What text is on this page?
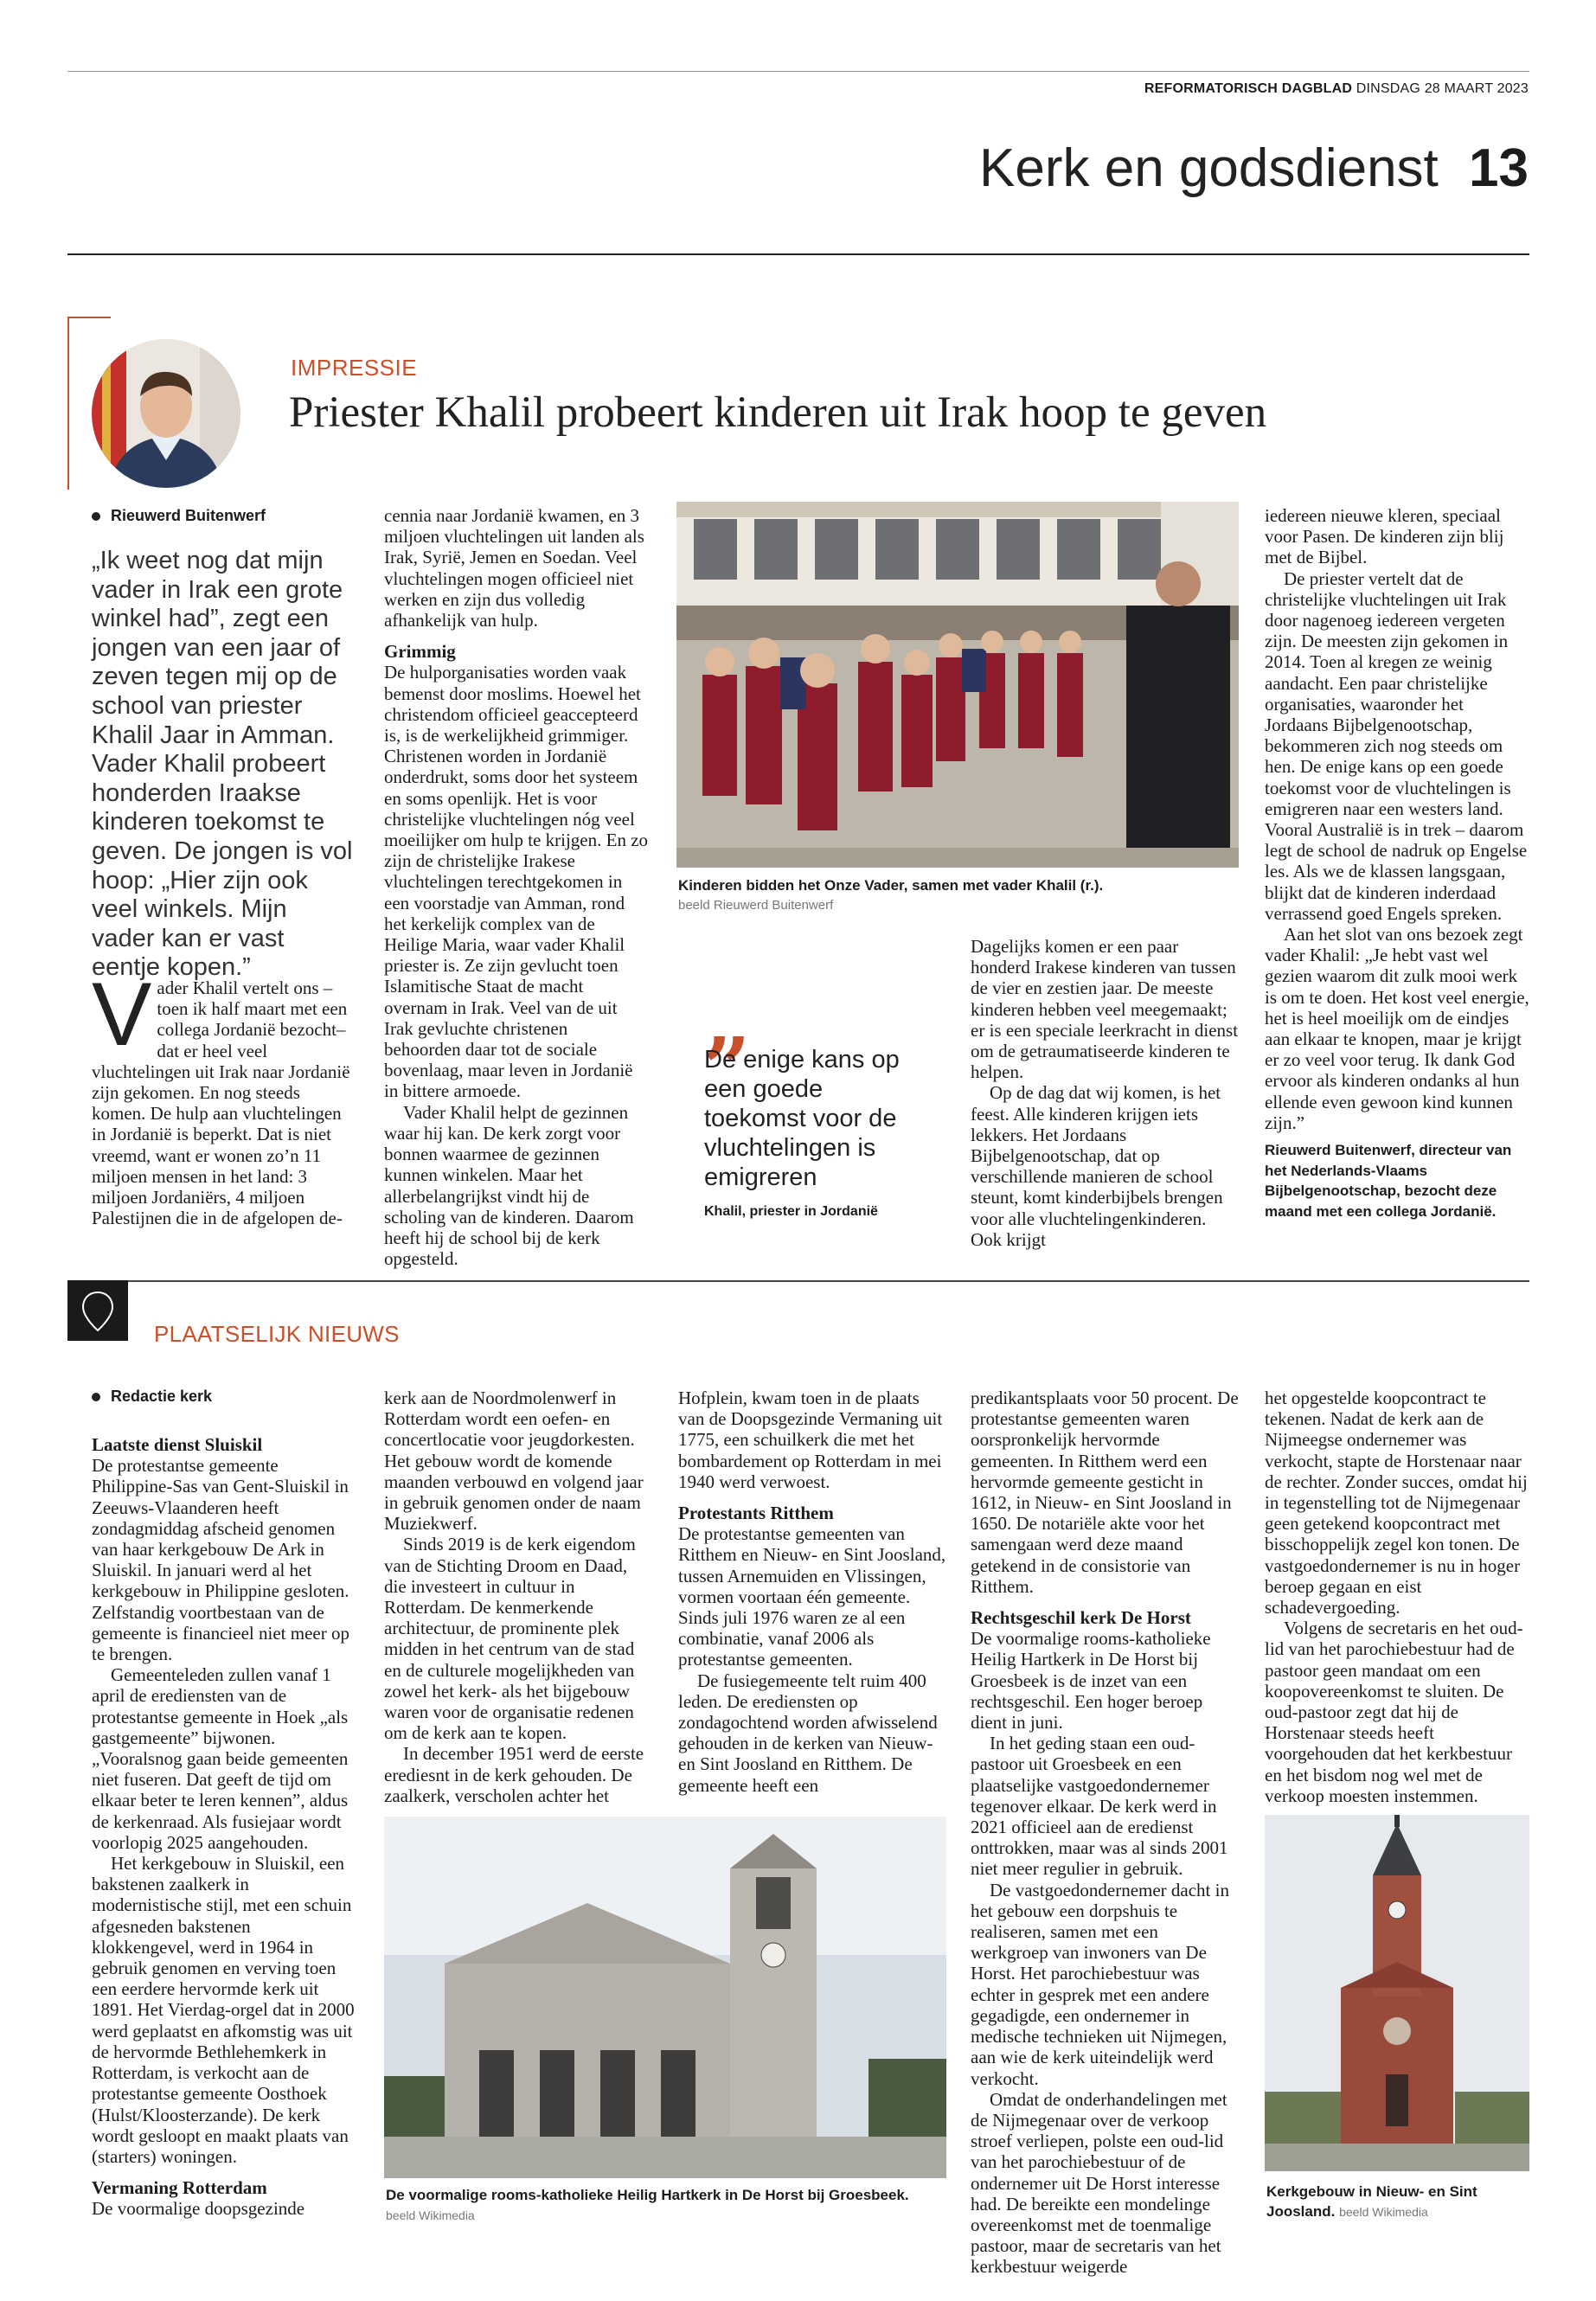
REFORMATORISCH DAGBLAD DINSDAG 28 MAART 2023
Kerk en godsdienst 13
IMPRESSIE
Priester Khalil probeert kinderen uit Irak hoop te geven
Rieuwerd Buitenwerf
„Ik weet nog dat mijn vader in Irak een grote winkel had”, zegt een jongen van een jaar of zeven tegen mij op de school van priester Khalil Jaar in Amman. Vader Khalil probeert honderden Iraakse kinderen toekomst te geven. De jongen is vol hoop: „Hier zijn ook veel winkels. Mijn vader kan er vast eentje kopen.”
V ader Khalil vertelt ons –toen ik half maart met een collega Jordanië bezocht– dat er heel veel vluchtelingen uit Irak naar Jordanië zijn gekomen. En nog steeds komen. De hulp aan vluchtelingen in Jordanië is beperkt. Dat is niet vreemd, want er wonen zo’n 11 miljoen mensen in het land: 3 miljoen Jordaniërs, 4 miljoen Palestijnen die in de afgelopen de-

cennia naar Jordanië kwamen, en 3 miljoen vluchtelingen uit landen als Irak, Syrië, Jemen en Soedan. Veel vluchtelingen mogen officieel niet werken en zijn dus volledig afhankelijk van hulp.

Grimmig

De hulporganisaties worden vaak bemenst door moslims. Hoewel het christendom officieel geaccepteerd is, is de werkelijkheid grimmiger. Christenen worden in Jordanië onderdrukt, soms door het systeem en soms openlijk. Het is voor christelijke vluchtelingen nóg veel moeilijker om hulp te krijgen. En zo zijn de christelijke Irakese vluchtelingen terechtgekomen in een voorstadje van Amman, rond het kerkelijk complex van de Heilige Maria, waar vader Khalil priester is. Ze zijn gevlucht toen Islamitische Staat de macht overnam in Irak. Veel van de uit Irak gevluchte christenen behoorden daar tot de sociale bovenlaag, maar leven in Jordanië in bittere armoede.

Vader Khalil helpt de gezinnen waar hij kan. De kerk zorgt voor bonnen waarmee de gezinnen kunnen winkelen. Maar het allerbelangrijkst vindt hij de scholing van de kinderen. Daarom heeft hij de school bij de kerk opgesteld.

Kinderen bidden het Onze Vader, samen met vader Khalil (r.).
beeld Rieuwerd Buitenwerf
„
De enige kans op een goede toekomst voor de vluchtelingen is emigreren
Khalil, priester in Jordanië

Dagelijks komen er een paar honderd Irakese kinderen van tussen de vier en zestien jaar. De meeste kinderen hebben veel meegemaakt; er is een speciale leerkracht in dienst om de getraumatiseerde kinderen te helpen.

Op de dag dat wij komen, is het feest. Alle kinderen krijgen iets lekkers. Het Jordaans Bijbelgenootschap, dat op verschillende manieren de school steunt, komt kinderbijbels brengen voor alle vluchtelingenkinderen. Ook krijgt

iedereen nieuwe kleren, speciaal voor Pasen. De kinderen zijn blij met de Bijbel.

De priester vertelt dat de christelijke vluchtelingen uit Irak door nagenoeg iedereen vergeten zijn. De meesten zijn gekomen in 2014. Toen al kregen ze weinig aandacht. Een paar christelijke organisaties, waaronder het Jordaans Bijbelgenootschap, bekommeren zich nog steeds om hen. De enige kans op een goede toekomst voor de vluchtelingen is emigreren naar een westers land. Vooral Australië is in trek – daarom legt de school de nadruk op Engelse les. Als we de klassen langsgaan, blijkt dat de kinderen inderdaad verrassend goed Engels spreken.

Aan het slot van ons bezoek zegt vader Khalil: „Je hebt vast wel gezien waarom dit zulk mooi werk is om te doen. Het kost veel energie, het is heel moeilijk om de eindjes aan elkaar te knopen, maar je krijgt er zo veel voor terug. Ik dank God ervoor als kinderen ondanks al hun ellende even gewoon kind kunnen zijn.”

Rieuwerd Buitenwerf, directeur van het Nederlands-Vlaams Bijbelgenootschap, bezocht deze maand met een collega Jordanië.
PLAATSELIJK NIEUWS
Redactie kerk
Laatste dienst Sluiskil

De protestantse gemeente Philippine-Sas van Gent-Sluiskil in Zeeuws-Vlaanderen heeft zondagmiddag afscheid genomen van haar kerkgebouw De Ark in Sluiskil. In januari werd al het kerkgebouw in Philippine gesloten. Zelfstandig voortbestaan van de gemeente is financieel niet meer op te brengen.

Gemeenteleden zullen vanaf 1 april de erediensten van de protestantse gemeente in Hoek „als gastgemeente” bijwonen. „Vooralsnog gaan beide gemeenten niet fuseren. Dat geeft de tijd om elkaar beter te leren kennen”, aldus de kerkenraad. Als fusiejaar wordt voorlopig 2025 aangehouden.

Het kerkgebouw in Sluiskil, een bakstenen zaalkerk in modernistische stijl, met een schuin afgesneden bakstenen klokkengevel, werd in 1964 in gebruik genomen en verving toen een eerdere hervormde kerk uit 1891. Het Vierdag-orgel dat in 2000 werd geplaatst en afkomstig was uit de hervormde Bethlehemkerk in Rotterdam, is verkocht aan de protestantse gemeente Oosthoek (Hulst/Kloosterzande). De kerk wordt gesloopt en maakt plaats van (starters) woningen.

Vermaning Rotterdam

De voormalige doopsgezinde

kerk aan de Noordmolenwerf in Rotterdam wordt een oefen- en concertlocatie voor jeugdorkesten. Het gebouw wordt de komende maanden verbouwd en volgend jaar in gebruik genomen onder de naam Muziekwerf.

Sinds 2019 is de kerk eigendom van de Stichting Droom en Daad, die investeert in cultuur in Rotterdam. De kenmerkende architectuur, de prominente plek midden in het centrum van de stad en de culturele mogelijkheden van zowel het kerk- als het bijgebouw waren voor de organisatie redenen om de kerk aan te kopen.

In december 1951 werd de eerste erediesnt in de kerk gehouden. De zaalkerk, verscholen achter het

Hofplein, kwam toen in de plaats van de Doopsgezinde Vermaning uit 1775, een schuilkerk die met het bombardement op Rotterdam in mei 1940 werd verwoest.

Protestants Ritthem

De protestantse gemeenten van Ritthem en Nieuw- en Sint Joosland, tussen Arnemuiden en Vlissingen, vormen voortaan één gemeente. Sinds juli 1976 waren ze al een combinatie, vanaf 2006 als protestantse gemeenten.

De fusiegemeente telt ruim 400 leden. De erediensten op zondagochtend worden afwisselend gehouden in de kerken van Nieuw- en Sint Joosland en Ritthem. De gemeente heeft een

De voormalige rooms-katholieke Heilig Hartkerk in De Horst bij Groesbeek. beeld Wikimedia

predikantsplaats voor 50 procent. De protestantse gemeenten waren oorspronkelijk hervormde gemeenten. In Ritthem werd een hervormde gemeente gesticht in 1612, in Nieuw- en Sint Joosland in 1650. De notariële akte voor het samengaan werd deze maand getekend in de consistorie van Ritthem.

Rechtsgeschil kerk De Horst

De voormalige rooms-katholieke Heilig Hartkerk in De Horst bij Groesbeek is de inzet van een rechtsgeschil. Een hoger beroep dient in juni.

In het geding staan een oud-pastoor uit Groesbeek en een plaatselijke vastgoedondernemer tegenover elkaar. De kerk werd in 2021 officieel aan de eredienst onttrokken, maar was al sinds 2001 niet meer regulier in gebruik.

De vastgoedondernemer dacht in het gebouw een dorpshuis te realiseren, samen met een werkgroep van inwoners van De Horst. Het parochiebestuur was echter in gesprek met een andere gegadigde, een ondernemer in medische technieken uit Nijmegen, aan wie de kerk uiteindelijk werd verkocht.

Omdat de onderhandelingen met de Nijmegenaar over de verkoop stroef verliepen, polste een oud-lid van het parochiebestuur of de ondernemer uit De Horst interesse had. De bereikte een mondelinge overeenkomst met de toenmalige pastoor, maar de secretaris van het kerkbestuur weigerde

het opgestelde koopcontract te tekenen. Nadat de kerk aan de Nijmeegse ondernemer was verkocht, stapte de Horstenaar naar de rechter. Zonder succes, omdat hij in tegenstelling tot de Nijmegenaar geen getekend koopcontract met bisschoppelijk zegel kon tonen. De vastgoedondernemer is nu in hoger beroep gegaan en eist schadevergoeding.

Volgens de secretaris en het oud-lid van het parochiebestuur had de pastoor geen mandaat om een koopovereenkomst te sluiten. De oud-pastoor zegt dat hij de Horstenaar steeds heeft voorgehouden dat het kerkbestuur en het bisdom nog wel met de verkoop moesten instemmen.

Kerkgebouw in Nieuw- en Sint Joosland. beeld Wikimedia
